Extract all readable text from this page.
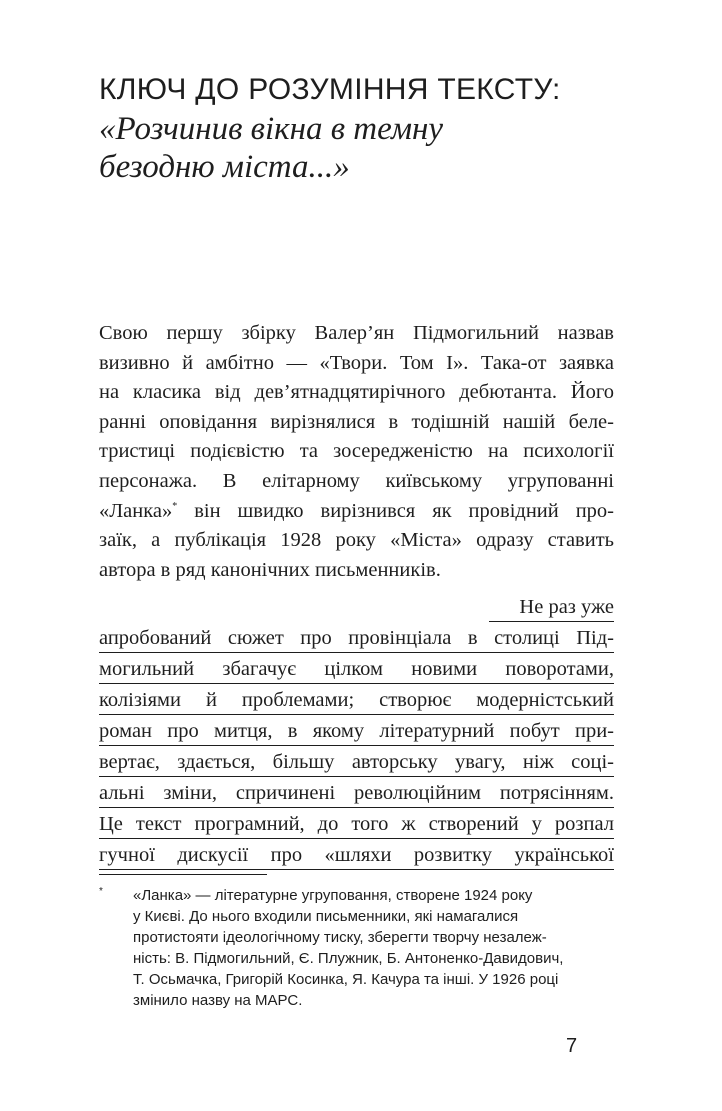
КЛЮЧ ДО РОЗУМІННЯ ТЕКСТУ:
«Розчинив вікна в темну
безодню міста...»
Свою першу збірку Валер’ян Підмогильний назвав
визивно й амбітно — «Твори. Том І». Така-от заявка
на класика від дев’ятнадцятирічного дебютанта. Його
ранні оповідання вирізнялися в тодішній нашій беле-
тристиці подієвістю та зосередженістю на психології
персонажа. В елітарному київському угрупованні
«Ланка»* він швидко вирізнився як провідний про-
заїк, а публікація 1928 року «Міста» одразу ставить
автора в ряд канонічних письменників.
Не раз уже
апробований сюжет про провінціала в столиці Під-
могильний збагачує цілком новими поворотами,
колізіями й проблемами; створює модерністський
роман про митця, в якому літературний побут при-
вертає, здається, більшу авторську увагу, ніж соці-
альні зміни, спричинені революційним потрясінням.
Це текст програмний, до того ж створений у розпал
гучної дискусії про «шляхи розвитку української
* «Ланка» — літературне угруповання, створене 1924 року
у Києві. До нього входили письменники, які намагалися
протистояти ідеологічному тиску, зберегти творчу незалеж-
ність: В. Підмогильний, Є. Плужник, Б. Антоненко-Давидович,
Т. Осьмачка, Григорій Косинка, Я. Качура та інші. У 1926 році
змінило назву на МАРС.
7
